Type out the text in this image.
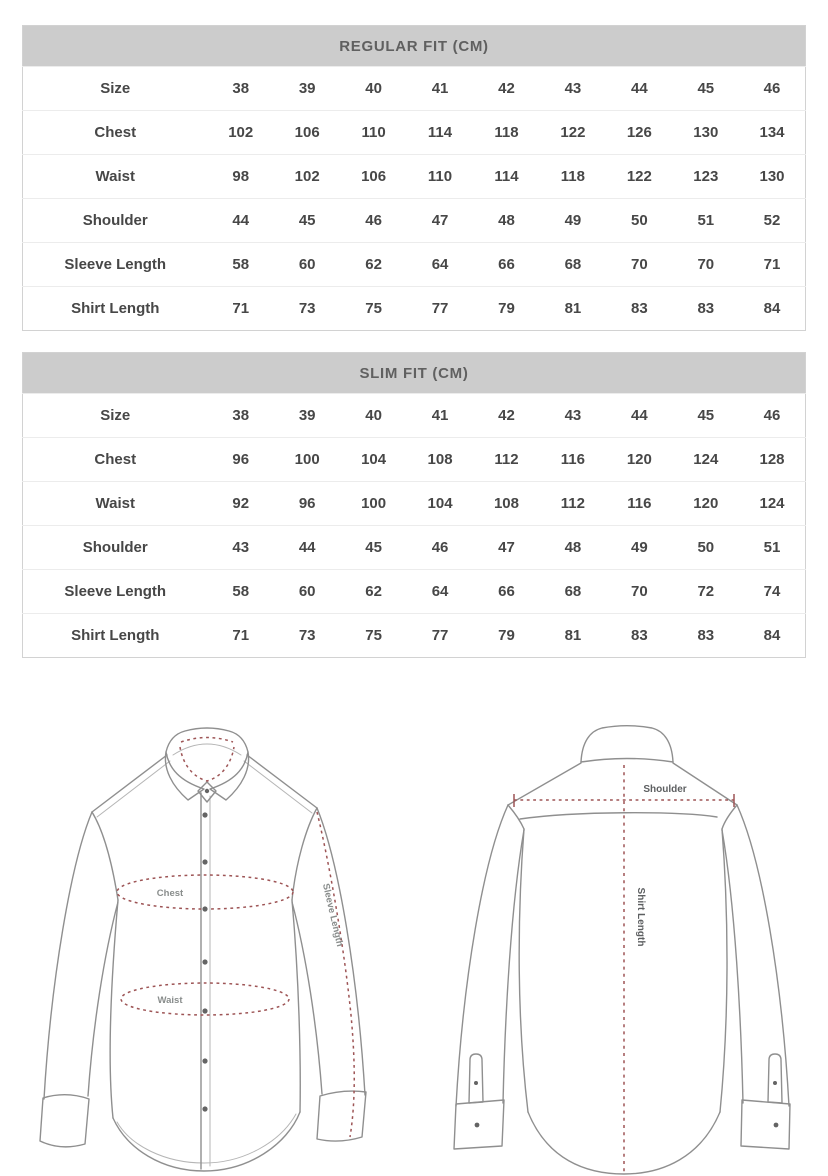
REGULAR FIT (CM)									
Size	38	39	40	41	42	43	44	45	46
Chest	102	106	110	114	118	122	126	130	134
Waist	98	102	106	110	114	118	122	123	130
Shoulder	44	45	46	47	48	49	50	51	52
Sleeve Length	58	60	62	64	66	68	70	70	71
Shirt Length	71	73	75	77	79	81	83	83	84
SLIM FIT (CM)									
Size	38	39	40	41	42	43	44	45	46
Chest	96	100	104	108	112	116	120	124	128
Waist	92	96	100	104	108	112	116	120	124
Shoulder	43	44	45	46	47	48	49	50	51
Sleeve Length	58	60	62	64	66	68	70	72	74
Shirt Length	71	73	75	77	79	81	83	83	84
Chest
Waist
Sleeve Length
Shoulder
Shirt Length
